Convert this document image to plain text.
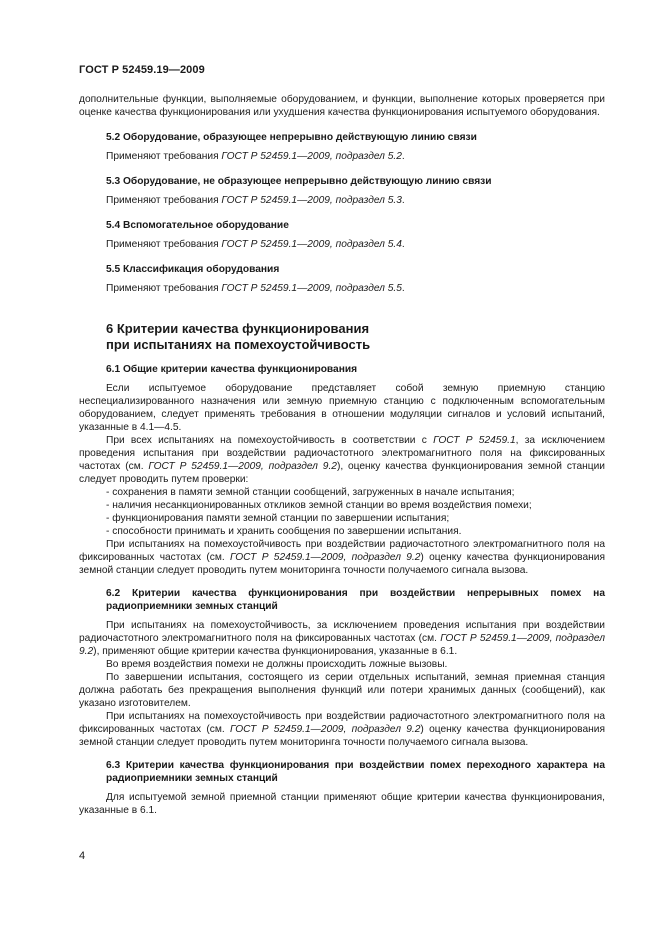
ГОСТ Р 52459.19—2009

дополнительные функции, выполняемые оборудованием, и функции, выполнение которых проверяется при оценке качества функционирования или ухудшения качества функционирования испытуемого оборудования.

5.2 Оборудование, образующее непрерывно действующую линию связи

Применяют требования ГОСТ Р 52459.1—2009, подраздел 5.2.

5.3 Оборудование, не образующее непрерывно действующую линию связи

Применяют требования ГОСТ Р 52459.1—2009, подраздел 5.3.

5.4 Вспомогательное оборудование

Применяют требования ГОСТ Р 52459.1—2009, подраздел 5.4.

5.5 Классификация оборудования

Применяют требования ГОСТ Р 52459.1—2009, подраздел 5.5.

6 Критерии качества функционирования
при испытаниях на помехоустойчивость

6.1 Общие критерии качества функционирования

Если испытуемое оборудование представляет собой земную приемную станцию неспециализированного назначения или земную приемную станцию с подключенным вспомогательным оборудованием, следует применять требования в отношении модуляции сигналов и условий испытаний, указанные в 4.1—4.5.

При всех испытаниях на помехоустойчивость в соответствии с ГОСТ Р 52459.1, за исключением проведения испытания при воздействии радиочастотного электромагнитного поля на фиксированных частотах (см. ГОСТ Р 52459.1—2009, подраздел 9.2), оценку качества функционирования земной станции следует проводить путем проверки:

- сохранения в памяти земной станции сообщений, загруженных в начале испытания;

- наличия несанкционированных откликов земной станции во время воздействия помехи;

- функционирования памяти земной станции по завершении испытания;

- способности принимать и хранить сообщения по завершении испытания.

При испытаниях на помехоустойчивость при воздействии радиочастотного электромагнитного поля на фиксированных частотах (см. ГОСТ Р 52459.1—2009, подраздел 9.2) оценку качества функционирования земной станции следует проводить путем мониторинга точности получаемого сигнала вызова.

6.2 Критерии качества функционирования при воздействии непрерывных помех на радиоприемники земных станций

При испытаниях на помехоустойчивость, за исключением проведения испытания при воздействии радиочастотного электромагнитного поля на фиксированных частотах (см. ГОСТ Р 52459.1—2009, подраздел 9.2), применяют общие критерии качества функционирования, указанные в 6.1.

Во время воздействия помехи не должны происходить ложные вызовы.

По завершении испытания, состоящего из серии отдельных испытаний, земная приемная станция должна работать без прекращения выполнения функций или потери хранимых данных (сообщений), как указано изготовителем.

При испытаниях на помехоустойчивость при воздействии радиочастотного электромагнитного поля на фиксированных частотах (см. ГОСТ Р 52459.1—2009, подраздел 9.2) оценку качества функционирования земной станции следует проводить путем мониторинга точности получаемого сигнала вызова.

6.3 Критерии качества функционирования при воздействии помех переходного характера на радиоприемники земных станций

Для испытуемой земной приемной станции применяют общие критерии качества функционирования, указанные в 6.1.

4
